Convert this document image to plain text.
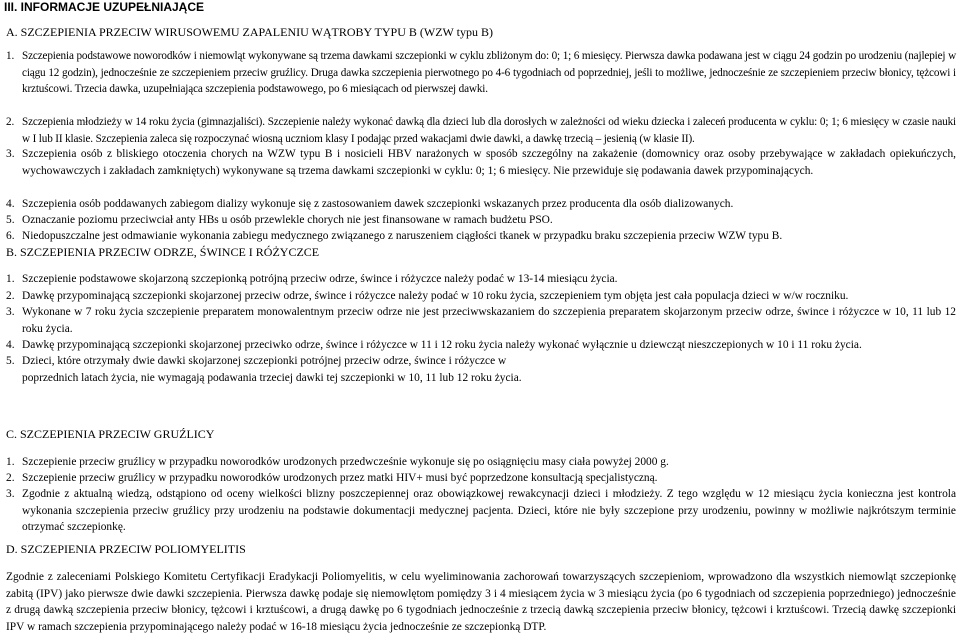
III. INFORMACJE UZUPEŁNIAJĄCE
A. SZCZEPIENIA PRZECIW WIRUSOWEMU ZAPALENIU WĄTROBY TYPU B (WZW typu B)
1. Szczepienia podstawowe noworodków i niemowląt wykonywane są trzema dawkami szczepionki w cyklu zbliżonym do: 0; 1; 6 miesięcy. Pierwsza dawka podawana jest w ciągu 24 godzin po urodzeniu (najlepiej w ciągu 12 godzin), jednocześnie ze szczepieniem przeciw gruźlicy. Druga dawka szczepienia pierwotnego po 4-6 tygodniach od poprzedniej, jeśli to możliwe, jednocześnie ze szczepieniem przeciw błonicy, tężcowi i krztuścowi. Trzecia dawka, uzupełniająca szczepienia podstawowego, po 6 miesiącach od pierwszej dawki.
2. Szczepienia młodzieży w 14 roku życia (gimnazjaliści). Szczepienie należy wykonać dawką dla dzieci lub dla dorosłych w zależności od wieku dziecka i zaleceń producenta w cyklu: 0; 1; 6 miesięcy w czasie nauki w I lub II klasie. Szczepienia zaleca się rozpoczynać wiosną uczniom klasy I podając przed wakacjami dwie dawki, a dawkę trzecią – jesienią (w klasie II).
3. Szczepienia osób z bliskiego otoczenia chorych na WZW typu B i nosicieli HBV narażonych w sposób szczególny na zakażenie (domownicy oraz osoby przebywające w zakładach opiekuńczych, wychowawczych i zakładach zamkniętych) wykonywane są trzema dawkami szczepionki w cyklu: 0; 1; 6 miesięcy. Nie przewiduje się podawania dawek przypominających.
4. Szczepienia osób poddawanych zabiegom dializy wykonuje się z zastosowaniem dawek szczepionki wskazanych przez producenta dla osób dializowanych.
5. Oznaczanie poziomu przeciwciał anty HBs u osób przewlekle chorych nie jest finansowane w ramach budżetu PSO.
6. Niedopuszczalne jest odmawianie wykonania zabiegu medycznego związanego z naruszeniem ciągłości tkanek w przypadku braku szczepienia przeciw WZW typu B.
B. SZCZEPIENIA PRZECIW ODRZE, ŚWINCE I RÓŻYCZCE
1. Szczepienie podstawowe skojarzoną szczepionką potrójną przeciw odrze, śwince i różyczce należy podać w 13-14 miesiącu życia.
2. Dawkę przypominającą szczepionki skojarzonej przeciw odrze, śwince i różyczce należy podać w 10 roku życia, szczepieniem tym objęta jest cała populacja dzieci w w/w roczniku.
3. Wykonane w 7 roku życia szczepienie preparatem monowalentnym przeciw odrze nie jest przeciwwskazaniem do szczepienia preparatem skojarzonym przeciw odrze, śwince i różyczce w 10, 11 lub 12 roku życia.
4. Dawkę przypominającą szczepionki skojarzonej przeciwko odrze, śwince i różyczce w 11 i 12 roku życia należy wykonać wyłącznie u dziewcząt nieszczepionych w 10 i 11 roku życia.
5. Dzieci, które otrzymały dwie dawki skojarzonej szczepionki potrójnej przeciw odrze, śwince i różyczce w
poprzednich latach życia, nie wymagają podawania trzeciej dawki tej szczepionki w 10, 11 lub 12 roku życia.
C. SZCZEPIENIA PRZECIW GRUŹLICY
1. Szczepienie przeciw gruźlicy w przypadku noworodków urodzonych przedwcześnie wykonuje się po osiągnięciu masy ciała powyżej 2000 g.
2. Szczepienie przeciw gruźlicy w przypadku noworodków urodzonych przez matki HIV+ musi być poprzedzone konsultacją specjalistyczną.
3. Zgodnie z aktualną wiedzą, odstąpiono od oceny wielkości blizny poszczepiennej oraz obowiązkowej rewakcynacji dzieci i młodzieży. Z tego względu w 12 miesiącu życia konieczna jest kontrola wykonania szczepienia przeciw gruźlicy przy urodzeniu na podstawie dokumentacji medycznej pacjenta. Dzieci, które nie były szczepione przy urodzeniu, powinny w możliwie najkrótszym terminie otrzymać szczepionkę.
D. SZCZEPIENIA PRZECIW POLIOMYELITIS
Zgodnie z zaleceniami Polskiego Komitetu Certyfikacji Eradykacji Poliomyelitis, w celu wyeliminowania zachorowań towarzyszących szczepieniom, wprowadzono dla wszystkich niemowląt szczepionkę zabitą (IPV) jako pierwsze dwie dawki szczepienia. Pierwsza dawkę podaje się niemowlętom pomiędzy 3 i 4 miesiącem życia w 3 miesiącu życia (po 6 tygodniach od szczepienia poprzedniego) jednocześnie z drugą dawką szczepienia przeciw błonicy, tężcowi i krztuścowi, a drugą dawkę po 6 tygodniach jednocześnie z trzecią dawką szczepienia przeciw błonicy, tężcowi i krztuścowi. Trzecią dawkę szczepionki IPV w ramach szczepienia przypominającego należy podać w 16-18 miesiącu życia jednocześnie ze szczepionką DTP.
